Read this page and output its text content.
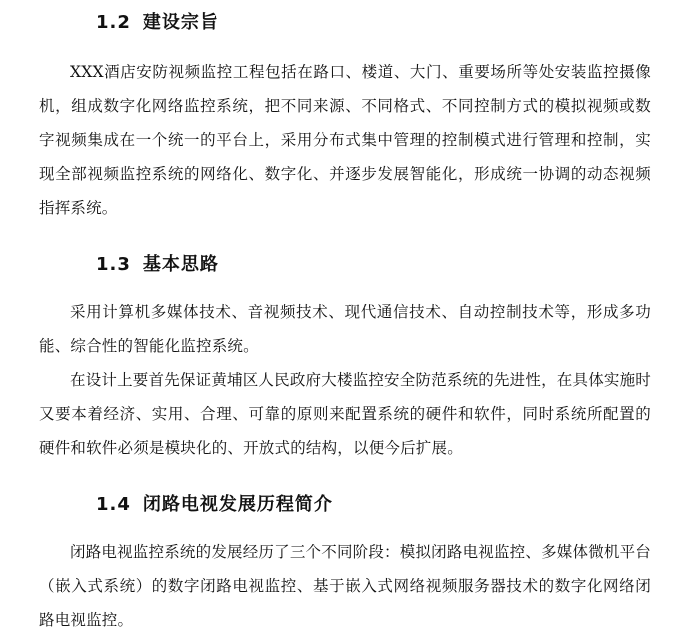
1.2 建设宗旨

XXX酒店安防视频监控工程包括在路口、楼道、大门、重要场所等处安装监控摄像机，组成数字化网络监控系统，把不同来源、不同格式、不同控制方式的模拟视频或数字视频集成在一个统一的平台上，采用分布式集中管理的控制模式进行管理和控制，实现全部视频监控系统的网络化、数字化、并逐步发展智能化，形成统一协调的动态视频指挥系统。

1.3 基本思路

采用计算机多媒体技术、音视频技术、现代通信技术、自动控制技术等，形成多功能、综合性的智能化监控系统。

在设计上要首先保证黄埔区人民政府大楼监控安全防范系统的先进性，在具体实施时又要本着经济、实用、合理、可靠的原则来配置系统的硬件和软件，同时系统所配置的硬件和软件必须是模块化的、开放式的结构，以便今后扩展。

1.4 闭路电视发展历程简介

闭路电视监控系统的发展经历了三个不同阶段：模拟闭路电视监控、多媒体微机平台（嵌入式系统）的数字闭路电视监控、基于嵌入式网络视频服务器技术的数字化网络闭路电视监控。
